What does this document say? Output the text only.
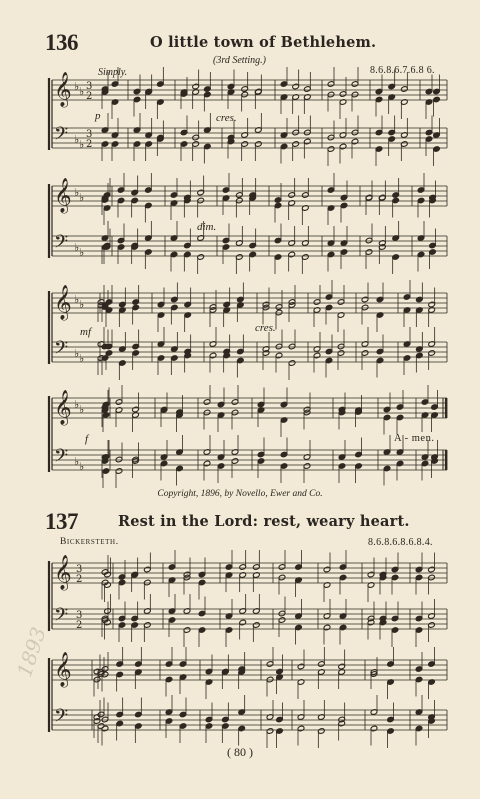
136	O little town of Bethlehem.
(3rd Setting.)
8.6.8.6.7.6.8 6.
Simply.
p	cres.
dim.
mf	cres.
f	A - men.
Copyright, 1896, by Novello, Ewer and Co.
137	Rest in the Lord: rest, weary heart.
Bickersteth.	8.6.8.6.8.6.8.4.
1893
( 80 )
𝄞
𝄢
♭ ♭
♭ ♭
3
2
3
2
𝄞
𝄢
♭ ♭
♭ ♭
𝄞
𝄢
♭ ♭
♭ ♭
𝄞
𝄢
♭ ♭
♭ ♭
𝄞
𝄢
3
2
3
2
𝄞
𝄢
